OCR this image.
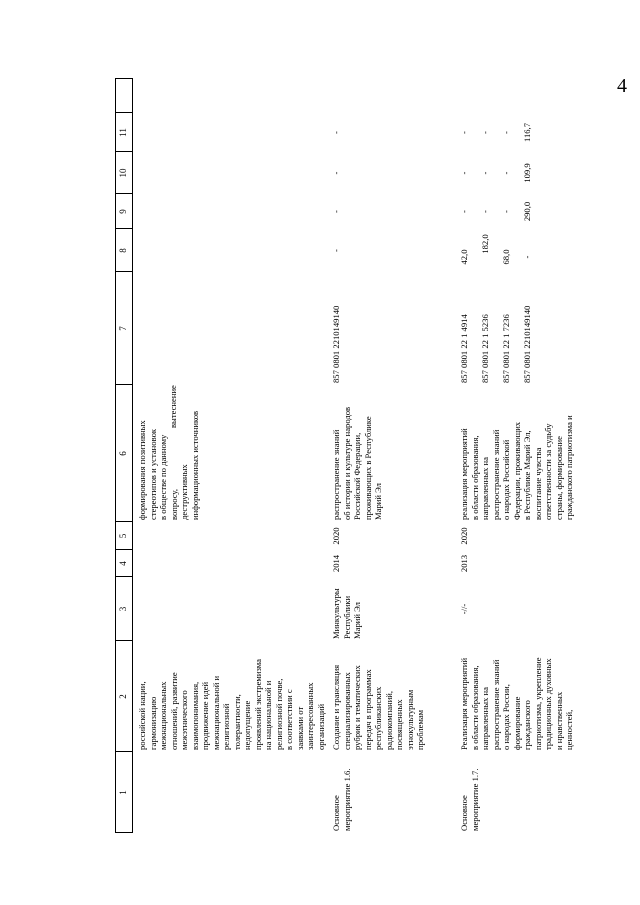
4
1
2
3
4
5
6
7
8
9
10
11
российской нации,
гармонизацию
межнациональных
отношений, развитие
межэтнического
взаимопонимания,
продвижение идей
межнациональной и
религиозной
толерантности,
недопущение
проявлений экстремизма
на национальной и
религиозной почве,
в соответствии с
заявками от
заинтересованных
организаций
формирования позитивных
стереотипов и установок
в обществе по данному
вопросу,
деструктивных
информационных источников
вытеснение
Основное
мероприятие 1.6.
Создание и трансляция
специализированных
рубрик и тематических
передач в программах
республиканских
радиокомпаний,
посвященных
этнокультурным
проблемам
Минкультуры
Республики
Марий Эл
2014
2020
распространение знаний
об истории и культуре народов
Российской Федерации,
проживающих в Республике
Марий Эл
857 0801 2210149140
-
-
-
-
Основное
мероприятие 1.7.
Реализация мероприятий
в области образования,
направленных на
распространение знаний
о народах России,
формирование
гражданского
патриотизма, укрепление
традиционных духовных
и нравственных
ценностей,
-//-
2013
2020
реализация мероприятий
в области образования,
направленных на
распространение знаний
о народах Российской
Федерации, проживающих
в Республике Марий Эл,
воспитание чувства
ответственности за судьбу
страны, формирование
гражданского патриотизма и
857 0801 22 1 4914 857 0801 22 1 5236 857 0801 22 1 7236 857 0801 2210149140
42,0
182,0
68,0 -
- - - 290,0
- - - 109,9
- - - 116,7
